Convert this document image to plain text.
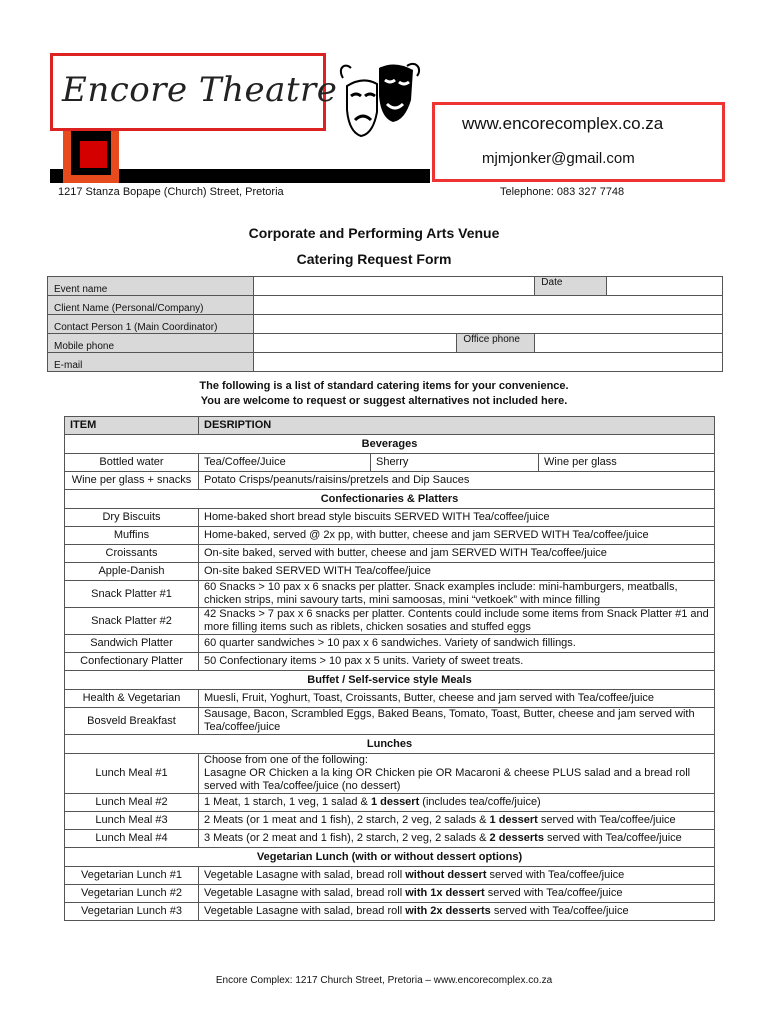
Encore Theatre
www.encorecomplex.co.za
mjmjonker@gmail.com
1217 Stanza Bopape (Church) Street, Pretoria	Telephone: 083 327 7748
Corporate and Performing Arts Venue
Catering Request Form
Event name			Date	
Client Name (Personal/Company)				
Contact Person 1 (Main Coordinator)				
Mobile phone		Office phone		
E-mail				
The following is a list of standard catering items for your convenience.
You are welcome to request or suggest alternatives not included here.
ITEM	DESRIPTION		
Beverages			
Bottled water	Tea/Coffee/Juice	Sherry	Wine per glass
Wine per glass + snacks	Potato Crisps/peanuts/raisins/pretzels and Dip Sauces		
Confectionaries & Platters			
Dry Biscuits	Home-baked short bread style biscuits SERVED WITH Tea/coffee/juice		
Muffins	Home-baked, served @ 2x pp, with butter, cheese and jam SERVED WITH Tea/coffee/juice		
Croissants	On-site baked, served with butter, cheese and jam SERVED WITH Tea/coffee/juice		
Apple-Danish	On-site baked SERVED WITH Tea/coffee/juice		
Snack Platter #1	60 Snacks > 10 pax x 6 snacks per platter. Snack examples include: mini-hamburgers, meatballs, chicken strips, mini savoury tarts, mini samoosas, mini “vetkoek” with mince filling		
Snack Platter #2	42 Snacks > 7 pax x 6 snacks per platter. Contents could include some items from Snack Platter #1 and more filling items such as riblets, chicken sosaties and stuffed eggs		
Sandwich Platter	60 quarter sandwiches > 10 pax x 6 sandwiches. Variety of sandwich fillings.		
Confectionary Platter	50 Confectionary items > 10 pax x 5 units. Variety of sweet treats.		
Buffet / Self-service style Meals			
Health & Vegetarian	Muesli, Fruit, Yoghurt, Toast, Croissants, Butter, cheese and jam served with Tea/coffee/juice		
Bosveld Breakfast	Sausage, Bacon, Scrambled Eggs, Baked Beans, Tomato, Toast, Butter, cheese and jam served with Tea/coffee/juice		
Lunches			
Lunch Meal #1	Choose from one of the following:
Lasagne OR Chicken a la king OR Chicken pie OR Macaroni & cheese PLUS salad and a bread roll served with Tea/coffee/juice (no dessert)		

Lunch Meal #2	1 Meat, 1 starch, 1 veg, 1 salad & 1 dessert (includes tea/coffe/juice)		
Lunch Meal #3	2 Meats (or 1 meat and 1 fish), 2 starch, 2 veg, 2 salads & 1 dessert served with Tea/coffee/juice		
Lunch Meal #4	3 Meats (or 2 meat and 1 fish), 2 starch, 2 veg, 2 salads & 2 desserts served with Tea/coffee/juice		
Vegetarian Lunch (with or without dessert options)			
Vegetarian Lunch #1	Vegetable Lasagne with salad, bread roll without dessert served with Tea/coffee/juice		
Vegetarian Lunch #2	Vegetable Lasagne with salad, bread roll with 1x dessert served with Tea/coffee/juice		
Vegetarian Lunch #3	Vegetable Lasagne with salad, bread roll with 2x desserts served with Tea/coffee/juice		
Encore Complex: 1217 Church Street, Pretoria – www.encorecomplex.co.za
